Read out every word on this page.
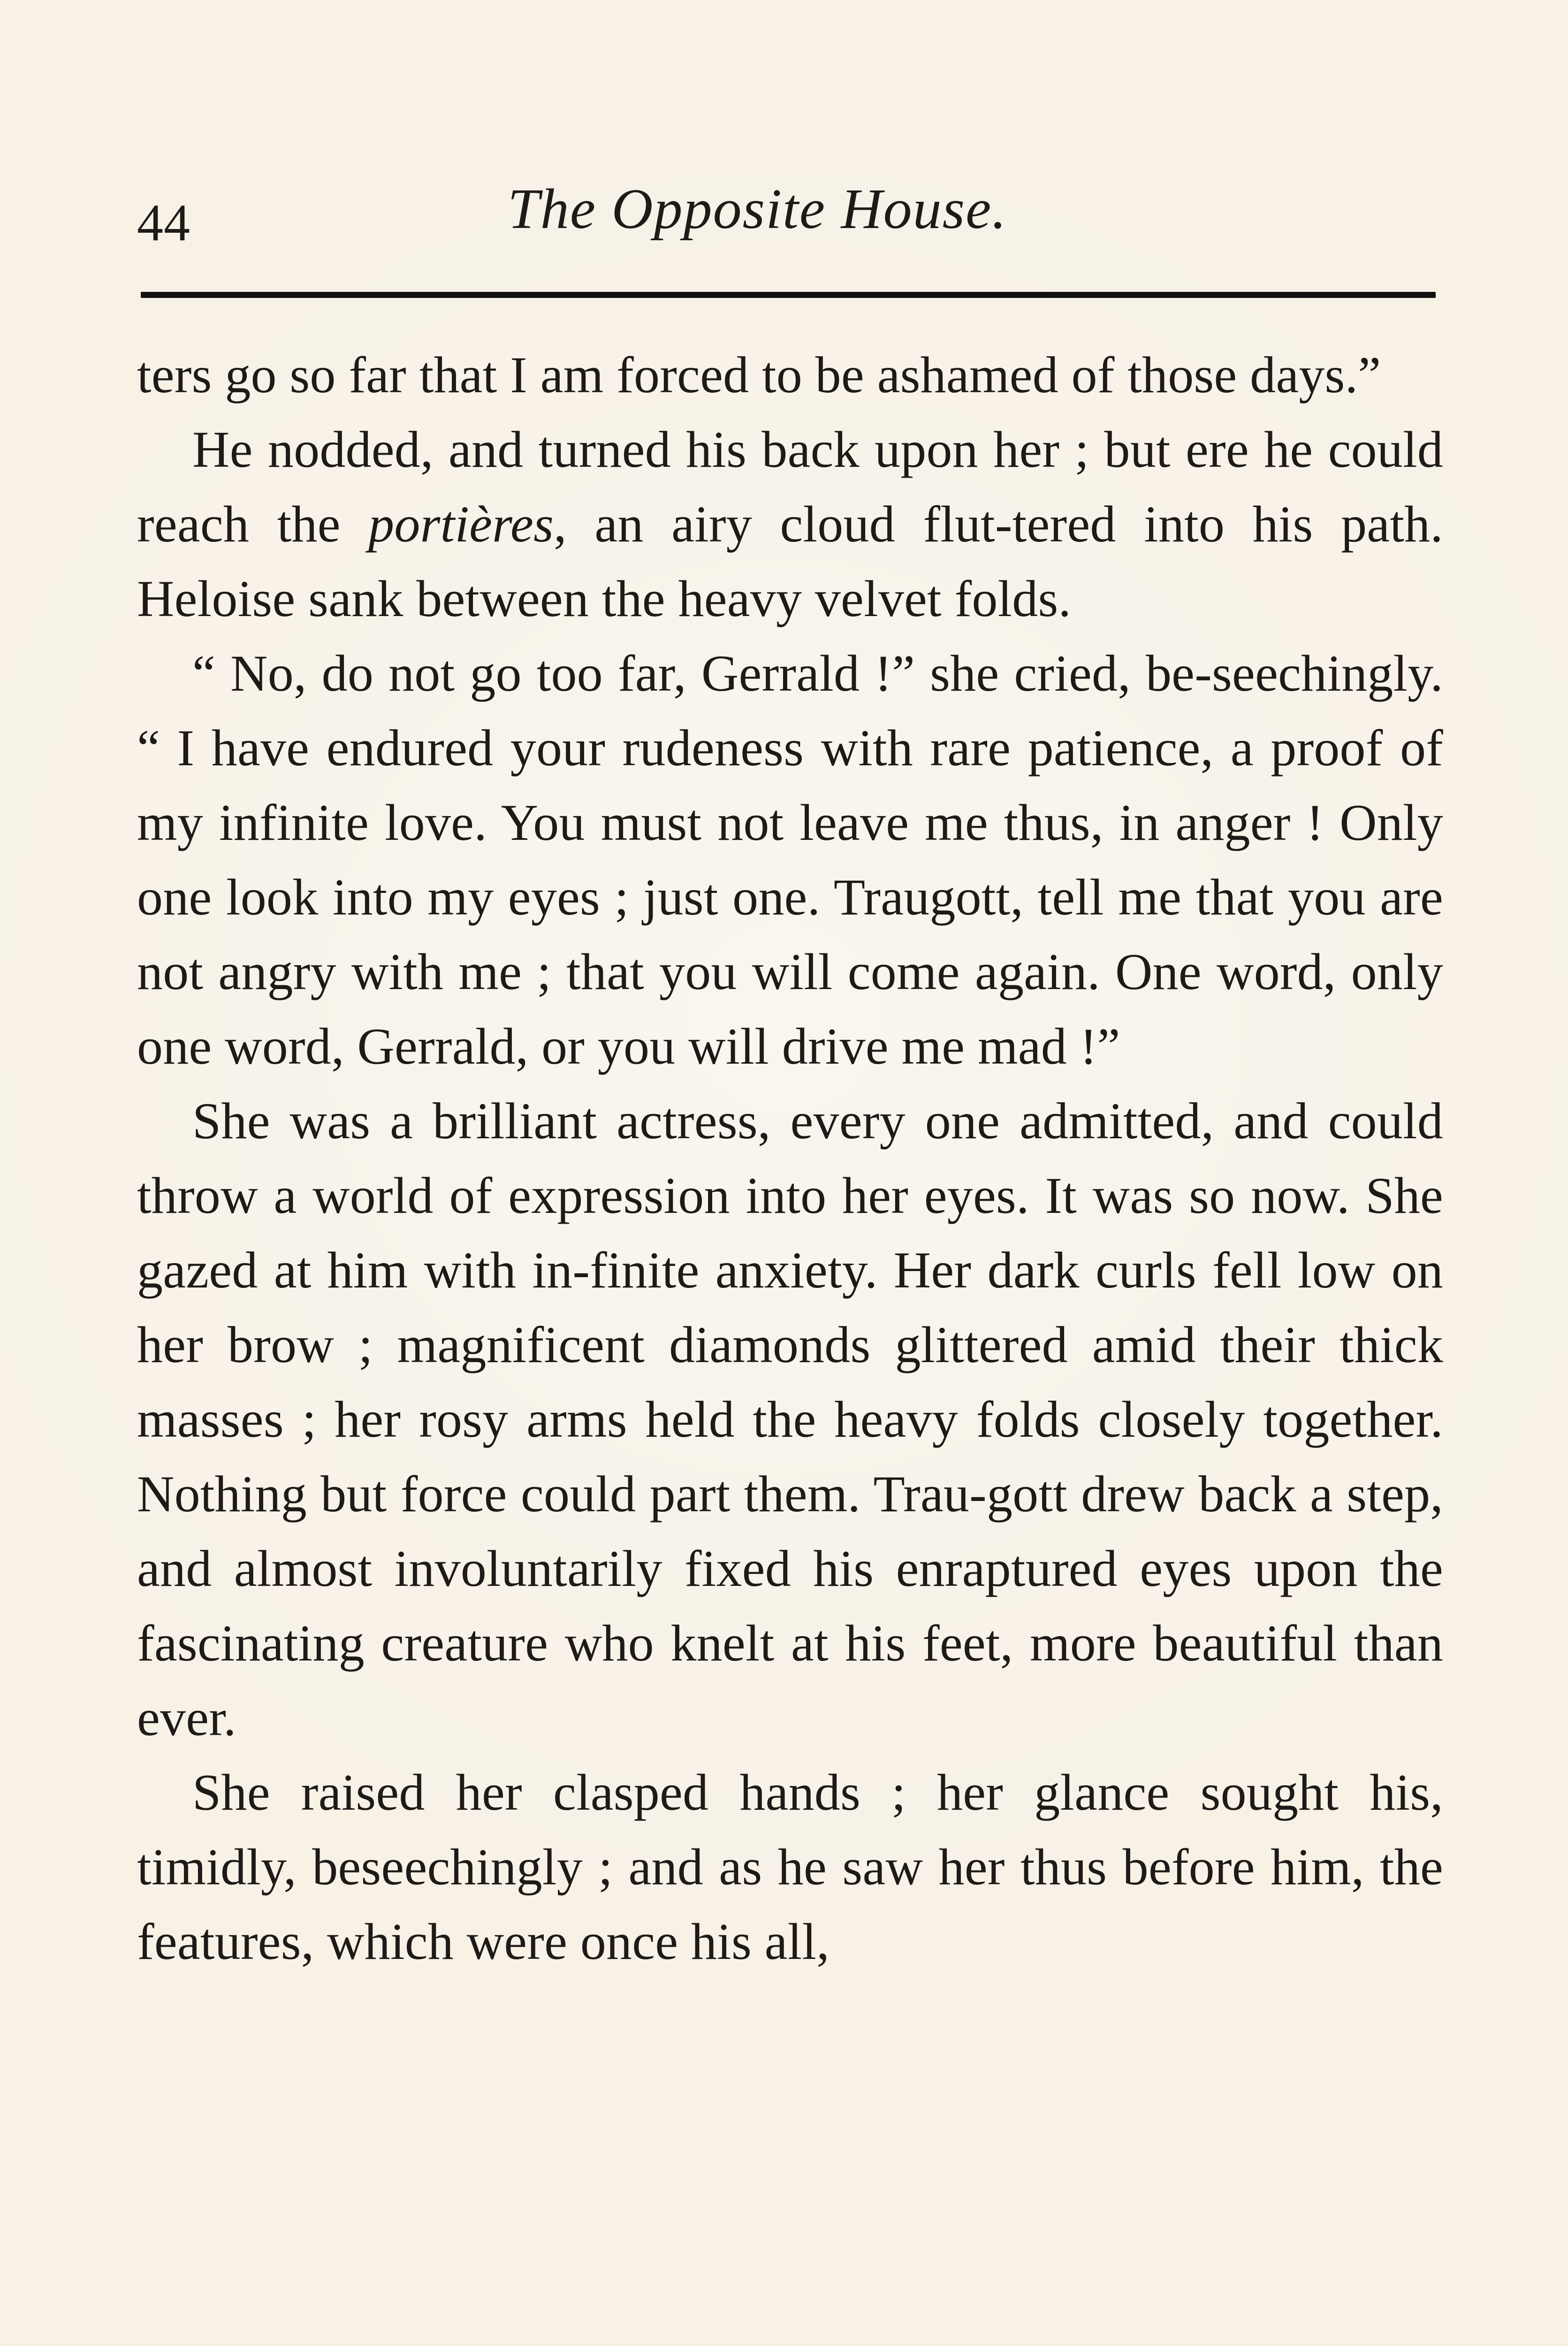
44	The Opposite House.

ters go so far that I am forced to be ashamed of those days.”

He nodded, and turned his back upon her ; but ere he could reach the portières, an airy cloud flut-tered into his path. Heloise sank between the heavy velvet folds.

“ No, do not go too far, Gerrald !” she cried, be-seechingly. “ I have endured your rudeness with rare patience, a proof of my infinite love. You must not leave me thus, in anger ! Only one look into my eyes ; just one. Traugott, tell me that you are not angry with me ; that you will come again. One word, only one word, Gerrald, or you will drive me mad !”

She was a brilliant actress, every one admitted, and could throw a world of expression into her eyes. It was so now. She gazed at him with in-finite anxiety. Her dark curls fell low on her brow ; magnificent diamonds glittered amid their thick masses ; her rosy arms held the heavy folds closely together. Nothing but force could part them. Trau-gott drew back a step, and almost involuntarily fixed his enraptured eyes upon the fascinating creature who knelt at his feet, more beautiful than ever.

She raised her clasped hands ; her glance sought his, timidly, beseechingly ; and as he saw her thus before him, the features, which were once his all,
